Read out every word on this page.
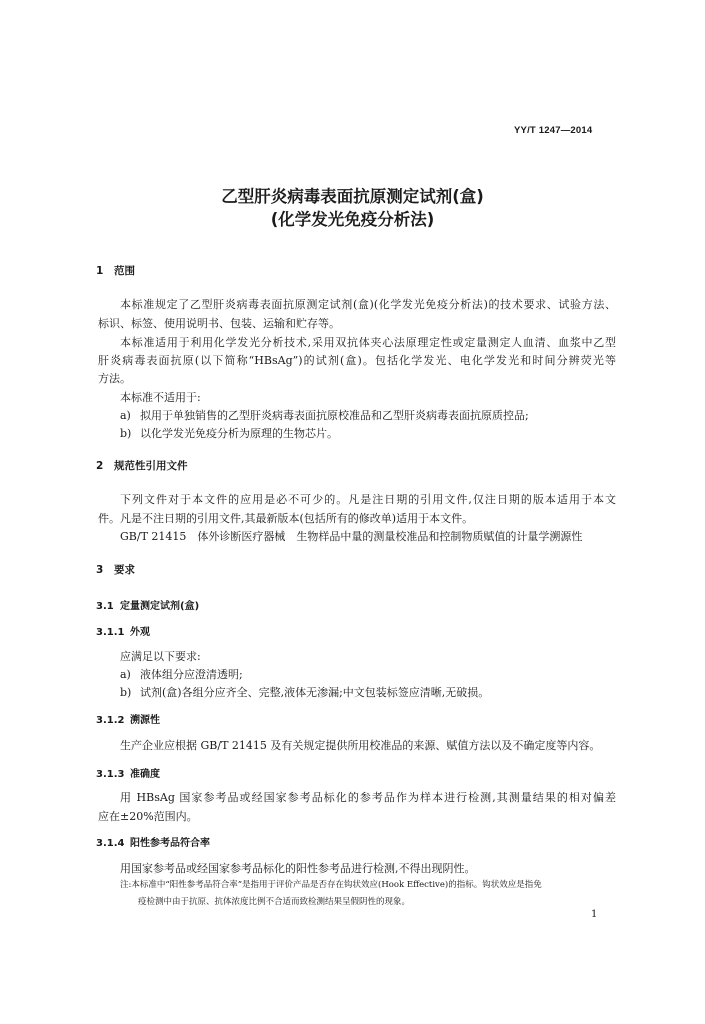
YY/T 1247—2014
乙型肝炎病毒表面抗原测定试剂(盒)
(化学发光免疫分析法)
1 范围
本标准规定了乙型肝炎病毒表面抗原测定试剂(盒)(化学发光免疫分析法)的技术要求、试验方法、
标识、标签、使用说明书、包装、运输和贮存等。
本标准适用于利用化学发光分析技术,采用双抗体夹心法原理定性或定量测定人血清、血浆中乙型
肝炎病毒表面抗原(以下简称“HBsAg”)的试剂(盒)。包括化学发光、电化学发光和时间分辨荧光等
方法。
本标准不适用于:
a) 拟用于单独销售的乙型肝炎病毒表面抗原校准品和乙型肝炎病毒表面抗原质控品;
b) 以化学发光免疫分析为原理的生物芯片。
2 规范性引用文件
下列文件对于本文件的应用是必不可少的。凡是注日期的引用文件,仅注日期的版本适用于本文
件。凡是不注日期的引用文件,其最新版本(包括所有的修改单)适用于本文件。
GB/T 21415　体外诊断医疗器械　生物样品中量的测量校准品和控制物质赋值的计量学溯源性
3 要求
3.1 定量测定试剂(盒)
3.1.1 外观
应满足以下要求:
a) 液体组分应澄清透明;
b) 试剂(盒)各组分应齐全、完整,液体无渗漏;中文包装标签应清晰,无破损。
3.1.2 溯源性
生产企业应根据 GB/T 21415 及有关规定提供所用校准品的来源、赋值方法以及不确定度等内容。
3.1.3 准确度
用 HBsAg 国家参考品或经国家参考品标化的参考品作为样本进行检测,其测量结果的相对偏差
应在±20%范围内。
3.1.4 阳性参考品符合率
用国家参考品或经国家参考品标化的阳性参考品进行检测,不得出现阴性。
注:本标准中“阳性参考品符合率”是指用于评价产品是否存在钩状效应(Hook Effective)的指标。钩状效应是指免
疫检测中由于抗原、抗体浓度比例不合适而致检测结果呈假阴性的现象。
1
